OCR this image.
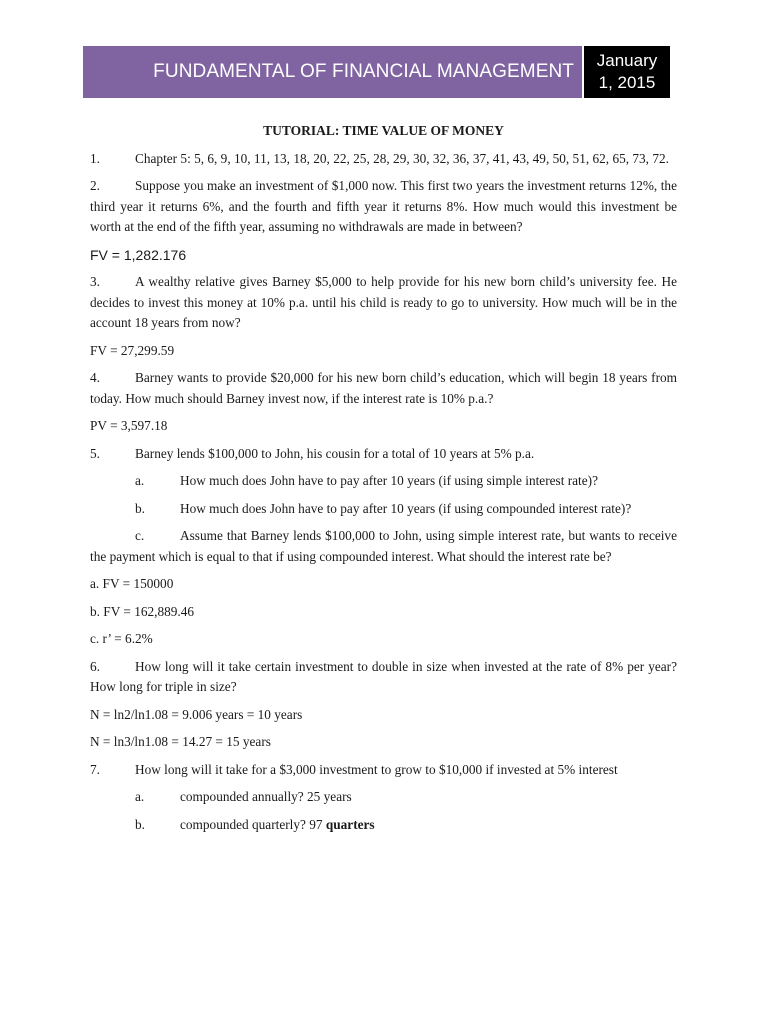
FUNDAMENTAL OF FINANCIAL MANAGEMENT
January
1, 2015
TUTORIAL: TIME VALUE OF MONEY

1.	Chapter 5: 5, 6, 9, 10, 11, 13, 18, 20, 22, 25, 28, 29, 30, 32, 36, 37, 41, 43, 49, 50, 51, 62, 65, 73, 72.

2.	Suppose you make an investment of $1,000 now. This first two years the investment returns 12%, the third year it returns 6%, and the fourth and fifth year it returns 8%. How much would this investment be worth at the end of the fifth year, assuming no withdrawals are made in between?

FV = 1,282.176

3.	A wealthy relative gives Barney $5,000 to help provide for his new born child’s university fee. He decides to invest this money at 10% p.a. until his child is ready to go to university. How much will be in the account 18 years from now?

FV = 27,299.59

4.	Barney wants to provide $20,000 for his new born child’s education, which will begin 18 years from today. How much should Barney invest now, if the interest rate is 10% p.a.?

PV = 3,597.18

5.	Barney lends $100,000 to John, his cousin for a total of 10 years at 5% p.a.

a.	How much does John have to pay after 10 years (if using simple interest rate)?

b.	How much does John have to pay after 10 years (if using compounded interest rate)?

c.	Assume that Barney lends $100,000 to John, using simple interest rate, but wants to receive the payment which is equal to that if using compounded interest. What should the interest rate be?

a. FV = 150000

b. FV = 162,889.46

c. r’ = 6.2%

6.	How long will it take certain investment to double in size when invested at the rate of 8% per year? How long for triple in size?

N = ln2/ln1.08 = 9.006 years = 10 years

N = ln3/ln1.08 = 14.27 = 15 years

7.	How long will it take for a $3,000 investment to grow to $10,000 if invested at 5% interest

a.	compounded annually? 25 years

b.	compounded quarterly? 97 quarters
